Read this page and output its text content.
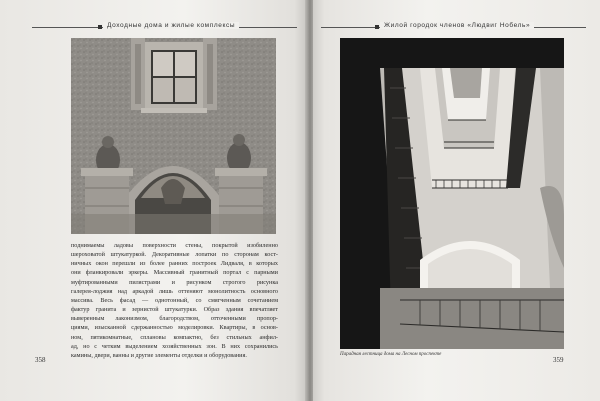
Доходные дома и жилые комплексы
поднимаемы ладовы поверхности стены, покрытой изобиленно
шероховатой штукатуркой. Декоративные лопатки по сторонам кост-
ничных окон перешли из более ранних построек Лидваля, в которых
они фланкировали эркеры. Массивный гранитный портал с парными
муфтированными пилястрами и рисунком строгого рисунка
галерея-лоджия над аркадой лишь оттеняют монолитность основного
массива. Весь фасад — однотонный, со смягченным сочетанием
фактур гранита и зернистой штукатурки. Образ здания впечатляет
выверенным лаконизмом, благородством, отточенными пропор-
циями, изысканной сдержанностью моделировки. Квартиры, в основ-
ном, пятикомнатные, сплановы компактно, без стильных анфил-
ад, но с четким выделением хозяйственных зон. В них сохранились
камины, двери, ванны и другие элементы отделки и оборудования.
358
Жилой городок членов «Людвиг Нобель»
Парадная лестница дома на Лесном проспекте
359
